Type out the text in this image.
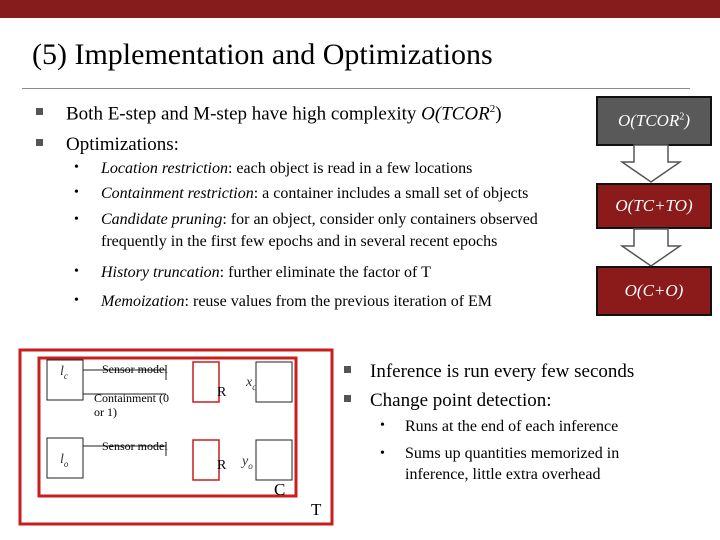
(5) Implementation and Optimizations
Both E-step and M-step have high complexity O(TCOR$^2$)
Optimizations:
• Location restriction: each object is read in a few locations
• Containment restriction: a container includes a small set of objects
• Candidate pruning: for an object, consider only containers observed frequently in the first few epochs and in several recent epochs
• History truncation: further eliminate the factor of T
• Memoization: reuse values from the previous iteration of EM
O(TCOR$^2$)
O(TC+TO)
O(C+O)
$l_c$
$l_o$
$x_c$
$y_o$
Sensor model
Containment (0 or 1)
Sensor model
R
R
C
T
Inference is run every few seconds
Change point detection:
• Runs at the end of each inference
• Sums up quantities memorized in inference, little extra overhead
